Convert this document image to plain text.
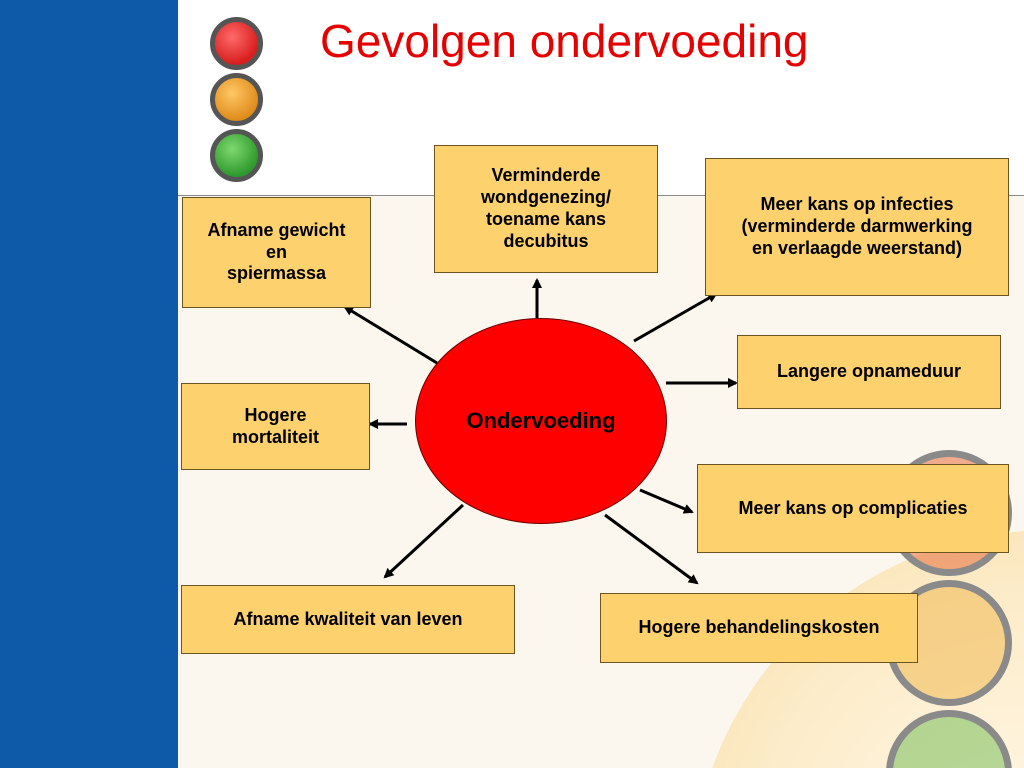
Gevolgen ondervoeding
Ondervoeding
Afname gewicht
en
spiermassa
Verminderde
wondgenezing/
toename kans
decubitus
Meer kans op infecties
(verminderde darmwerking
en verlaagde weerstand)
Langere opnameduur
Hogere
mortaliteit
Meer kans op complicaties
Afname kwaliteit van leven	Hogere behandelingskosten
